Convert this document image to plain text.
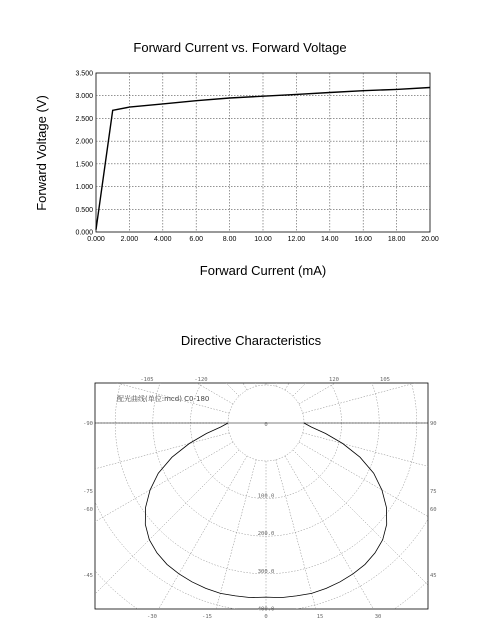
Forward Current vs. Forward Voltage
Forward Current (mA)
Forward Voltage (V)
0.000 2.000 4.000	6.00	8.00	10.00 12.00 14.00 16.00 18.00 20.00
0.000
0.500
1.000
1.500
2.000
2.500
3.000
3.500
Directive Characteristics
0
100.0
200.0
300.0
400.0
-105	-120	120	105
-90
-75
-60
-45
90
75
60
45
-30	-15	0	15	30
配光曲线(单位:mcd) C0-180
